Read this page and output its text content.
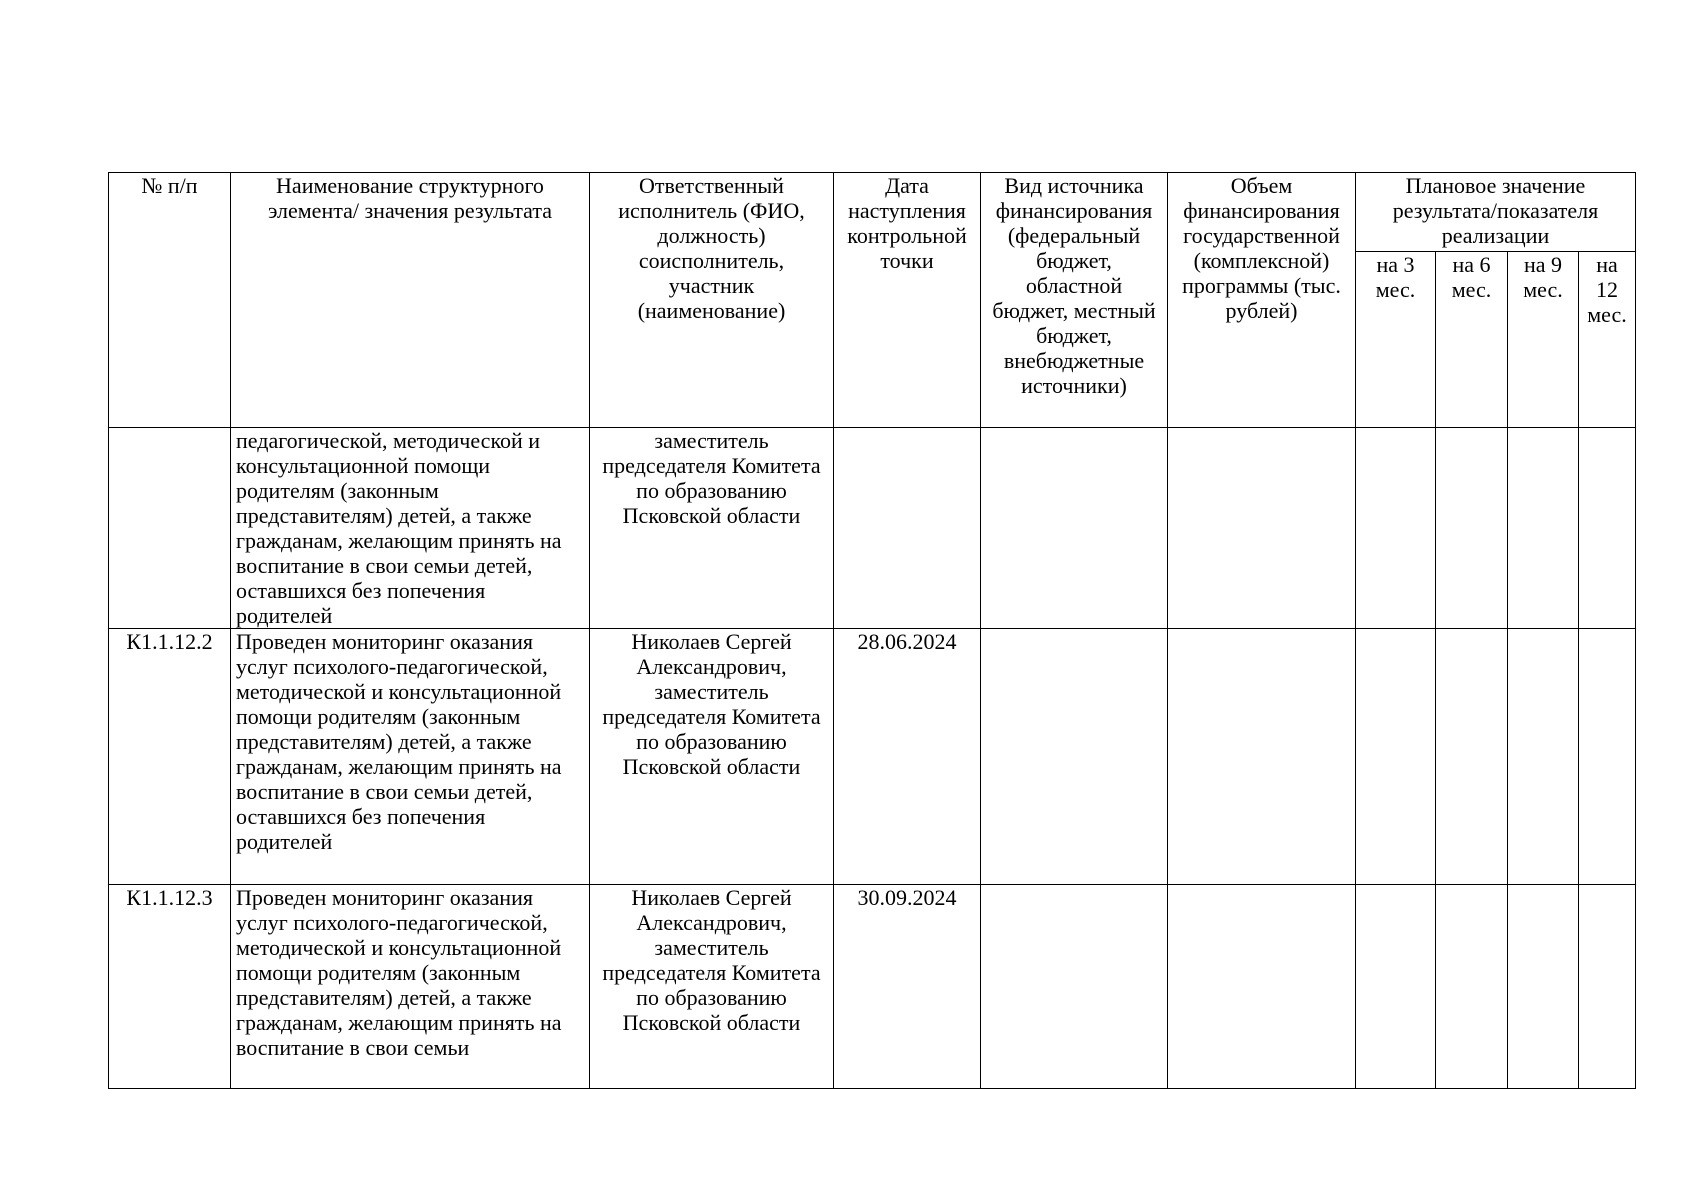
№ п/п	Наименование структурного элемента/ значения результата	Ответственный исполнитель (ФИО, должность) соисполнитель, участник (наименование)	Дата наступления контрольной точки	Вид источника финансирования (федеральный бюджет, областной бюджет, местный бюджет, внебюджетные источники)	Объем финансирования государственной (комплексной) программы (тыс. рублей)	Плановое значение результата/показателя реализации			
						на 3 мес.	на 6 мес.	на 9 мес.	на 12 мес.
	педагогической, методической и консультационной помощи родителям (законным представителям) детей, а также гражданам, желающим принять на воспитание в свои семьи детей, оставшихся без попечения родителей	заместитель председателя Комитета по образованию Псковской области							
К1.1.12.2	Проведен мониторинг оказания услуг психолого-педагогической, методической и консультационной помощи родителям (законным представителям) детей, а также гражданам, желающим принять на воспитание в свои семьи детей, оставшихся без попечения родителей	Николаев Сергей Александрович, заместитель председателя Комитета по образованию Псковской области	28.06.2024						
К1.1.12.3	Проведен мониторинг оказания услуг психолого-педагогической, методической и консультационной помощи родителям (законным представителям) детей, а также гражданам, желающим принять на воспитание в свои семьи	Николаев Сергей Александрович, заместитель председателя Комитета по образованию Псковской области	30.09.2024						
